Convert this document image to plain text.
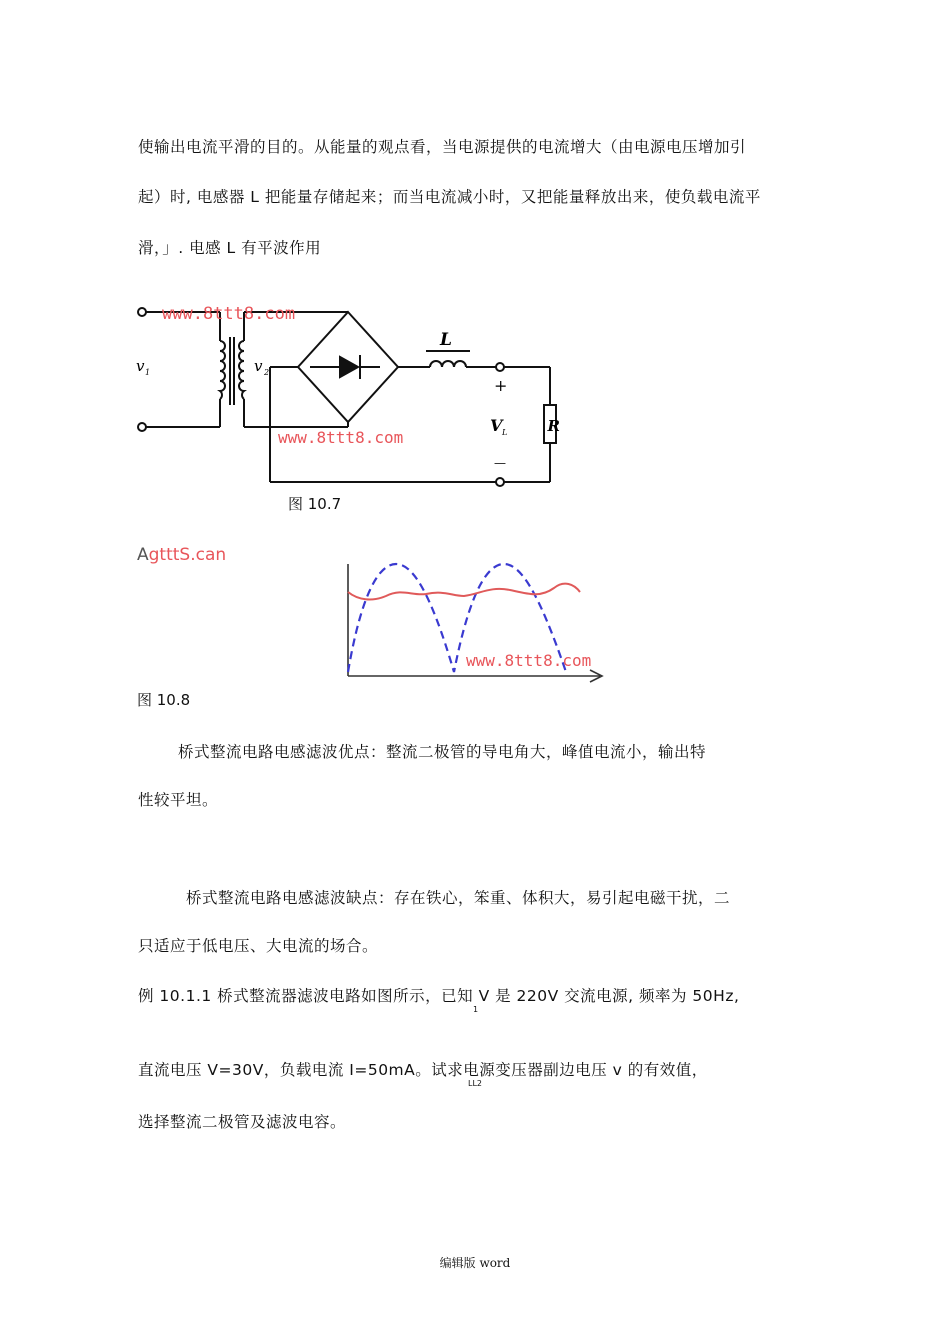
使输出电流平滑的目的。从能量的观点看，当电源提供的电流增大（由电源电压增加引
起）时, 电感器 L 把能量存储起来；而当电流减小时，又把能量释放出来，使负载电流平
滑，」. 电感 L 有平波作用
v 1	v 2
L
+
V L	R
—
www.8ttt8.com
www.8ttt8.com
图 10.7
AgtttS.can
www.8ttt8.com
图 10.8
桥式整流电路电感滤波优点：整流二极管的导电角大，峰值电流小，输出特
性较平坦。
桥式整流电路电感滤波缺点：存在铁心，笨重、体积大，易引起电磁干扰，二
只适应于低电压、大电流的场合。
例 10.1.1 桥式整流器滤波电路如图所示，已知 V 是 220V 交流电源, 频率为 50Hz,
1
直流电压 V=30V，负载电流 I=50mA。试求电源变压器副边电压 v 的有效值，
LL2
选择整流二极管及滤波电容。
编辑版 word
